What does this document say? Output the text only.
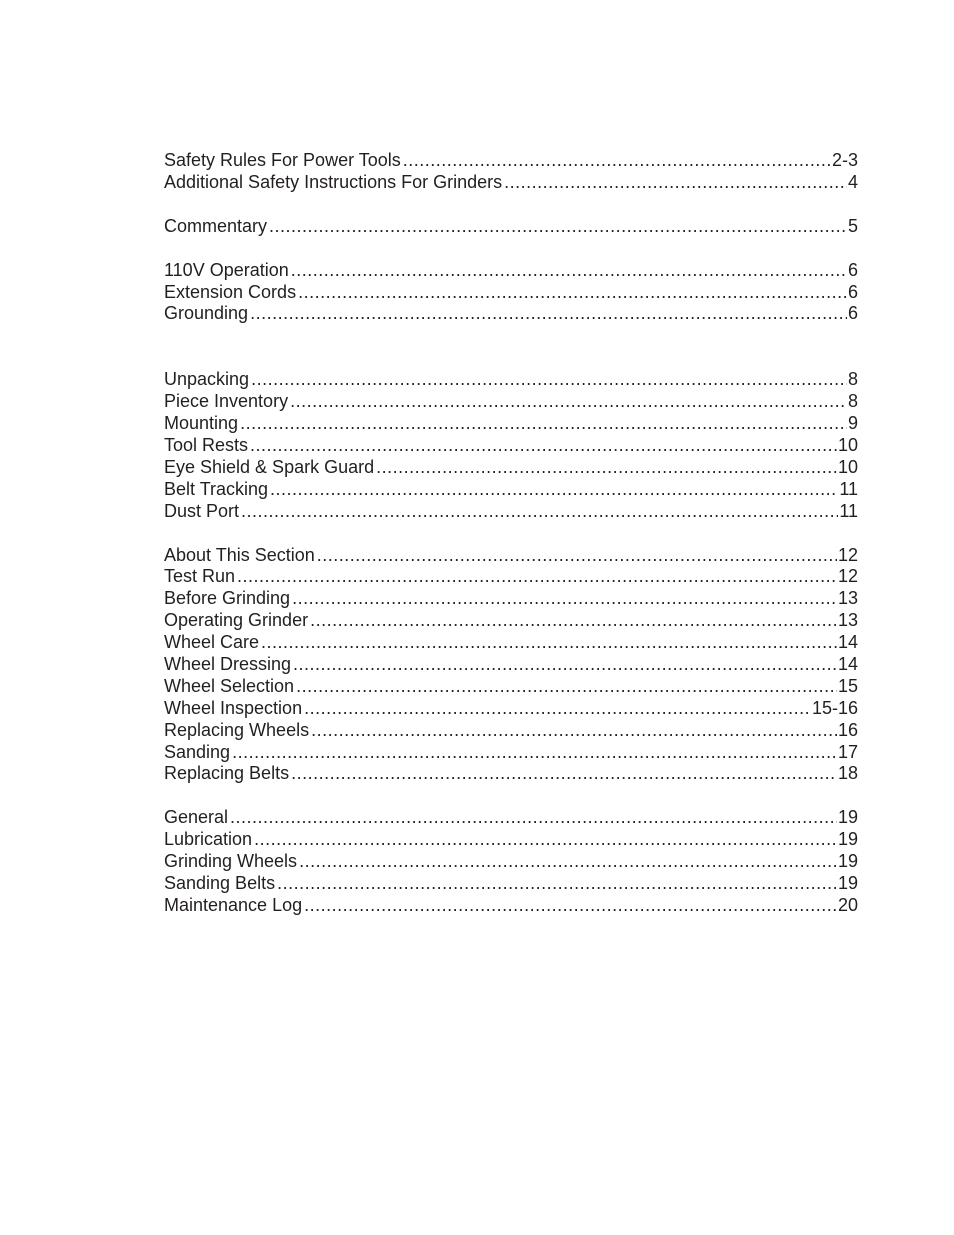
Safety Rules For Power Tools .....	2-3
Additional Safety Instructions For Grinders .....	4
Commentary .....	5
110V Operation .....	6
Extension Cords .....	6
Grounding .....	6
Unpacking .....	8
Piece Inventory .....	8
Mounting .....	9
Tool Rests .....	10
Eye Shield & Spark Guard .....	10
Belt Tracking .....	11
Dust Port .....	11
About This Section .....	12
Test Run .....	12
Before Grinding .....	13
Operating Grinder .....	13
Wheel Care .....	14
Wheel Dressing .....	14
Wheel Selection .....	15
Wheel Inspection .....	15-16
Replacing Wheels .....	16
Sanding .....	17
Replacing Belts .....	18
General .....	19
Lubrication .....	19
Grinding Wheels .....	19
Sanding Belts .....	19
Maintenance Log .....	20
